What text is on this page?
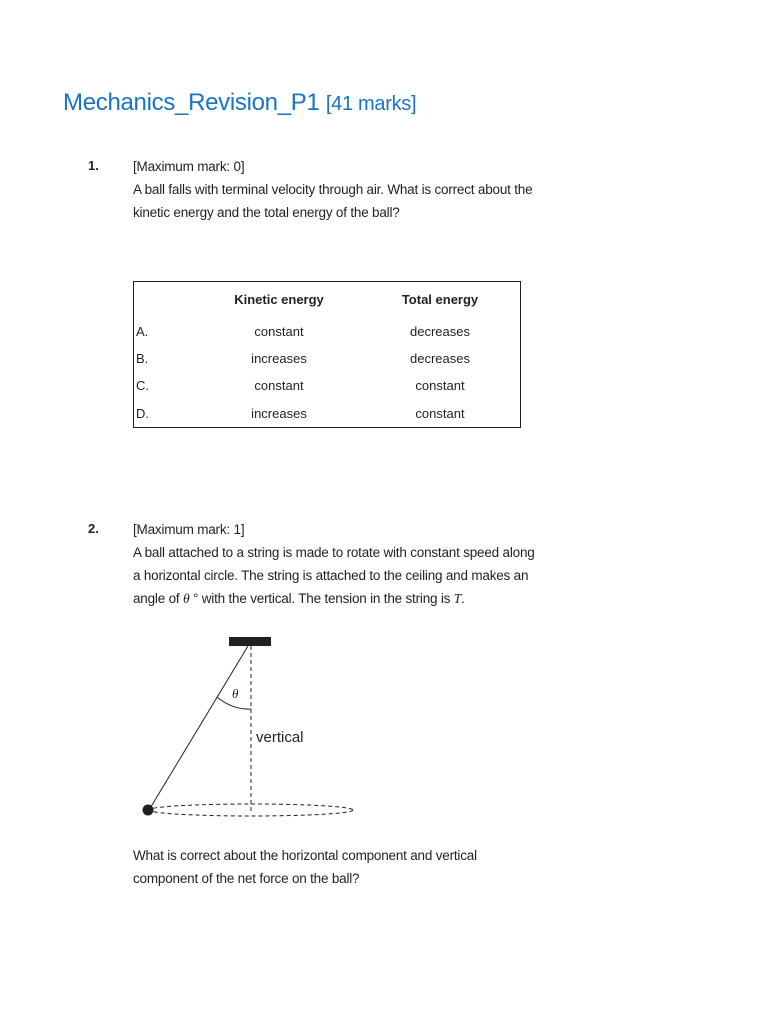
Mechanics_Revision_P1 [41 marks]
1.	[Maximum mark: 0]

A ball falls with terminal velocity through air. What is correct about the

kinetic energy and the total energy of the ball?

Kinetic energy	Total energy
A.	constant	decreases
B.	increases	decreases
C.	constant	constant
D.	increases	constant
2.	[Maximum mark: 1]

A ball attached to a string is made to rotate with constant speed along

a horizontal circle. The string is attached to the ceiling and makes an

angle of θ ° with the vertical. The tension in the string is T.

θ
vertical

What is correct about the horizontal component and vertical

component of the net force on the ball?
